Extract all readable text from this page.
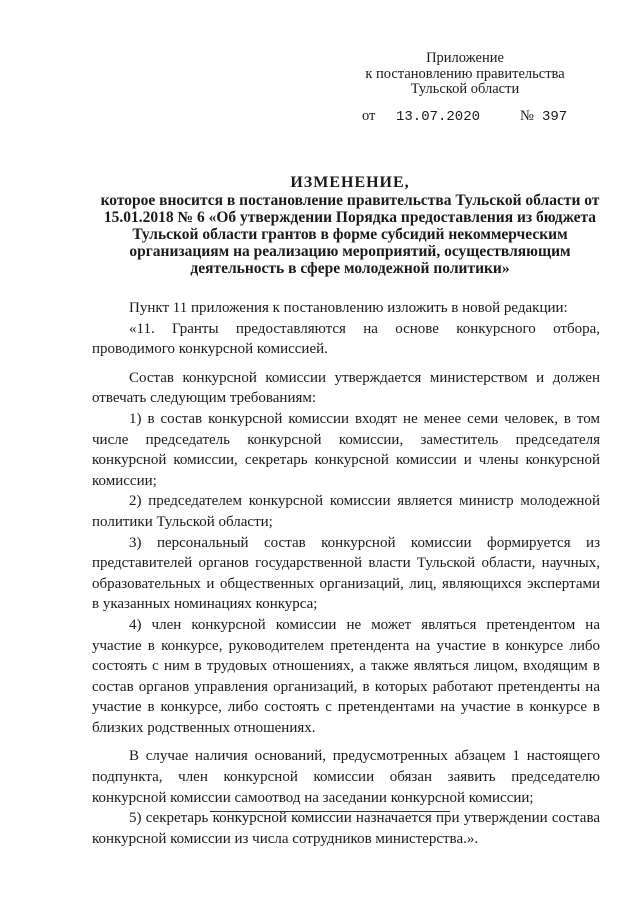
Приложение
к постановлению правительства
Тульской области
от 13.07.2020	№ 397
ИЗМЕНЕНИЕ,
которое вносится в постановление правительства Тульской области от 15.01.2018 № 6 «Об утверждении Порядка предоставления из бюджета Тульской области грантов в форме субсидий некоммерческим организациям на реализацию мероприятий, осуществляющим деятельность в сфере молодежной политики»

Пункт 11 приложения к постановлению изложить в новой редакции:

«11. Гранты предоставляются на основе конкурсного отбора, проводимого конкурсной комиссией.

Состав конкурсной комиссии утверждается министерством и должен отвечать следующим требованиям:

1) в состав конкурсной комиссии входят не менее семи человек, в том числе председатель конкурсной комиссии, заместитель председателя конкурсной комиссии, секретарь конкурсной комиссии и члены конкурсной комиссии;

2) председателем конкурсной комиссии является министр молодежной политики Тульской области;

3) персональный состав конкурсной комиссии формируется из представителей органов государственной власти Тульской области, научных, образовательных и общественных организаций, лиц, являющихся экспертами в указанных номинациях конкурса;

4) член конкурсной комиссии не может являться претендентом на участие в конкурсе, руководителем претендента на участие в конкурсе либо состоять с ним в трудовых отношениях, а также являться лицом, входящим в состав органов управления организаций, в которых работают претенденты на участие в конкурсе, либо состоять с претендентами на участие в конкурсе в близких родственных отношениях.

В случае наличия оснований, предусмотренных абзацем 1 настоящего подпункта, член конкурсной комиссии обязан заявить председателю конкурсной комиссии самоотвод на заседании конкурсной комиссии;

5) секретарь конкурсной комиссии назначается при утверждении состава конкурсной комиссии из числа сотрудников министерства.».
